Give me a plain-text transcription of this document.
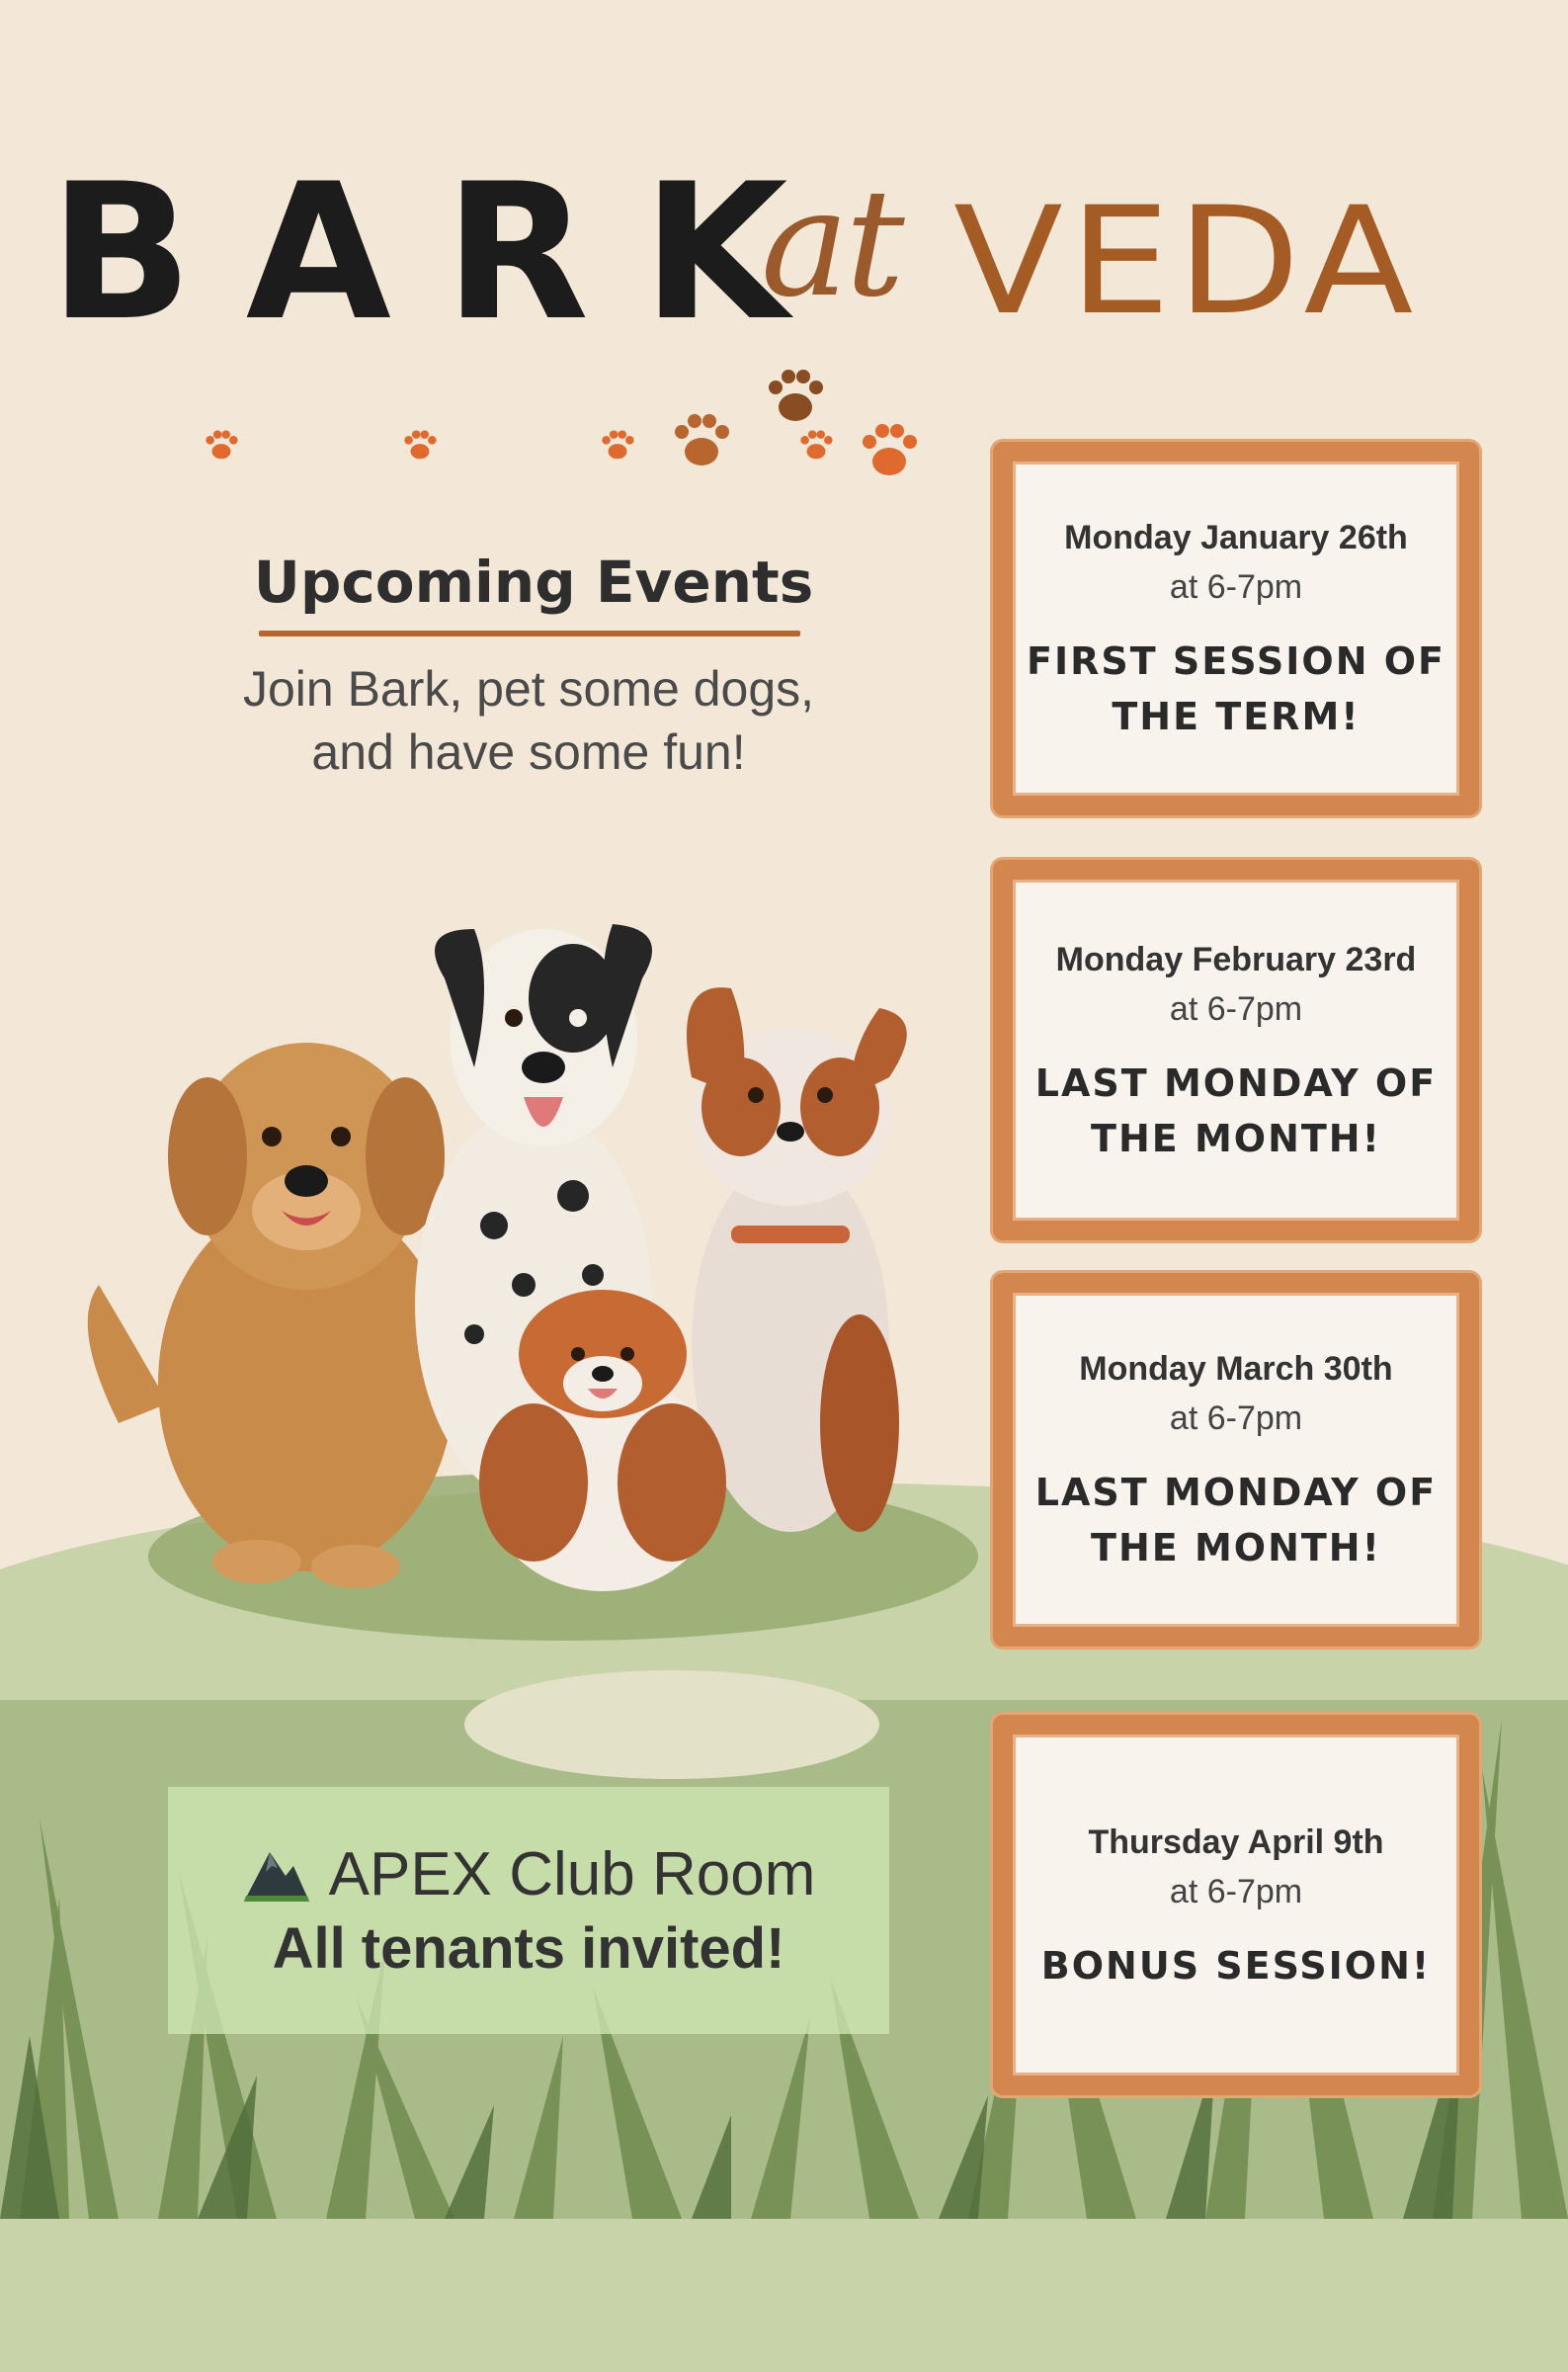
B A R K
at VEDA
Upcoming Events
Join Bark, pet some dogs,
and have some fun!
Monday January 26th
at 6-7pm
FIRST SESSION OF
THE TERM!
Monday February 23rd
at 6-7pm
LAST MONDAY OF
THE MONTH!
Monday March 30th
at 6-7pm
LAST MONDAY OF
THE MONTH!
Thursday April 9th
at 6-7pm
BONUS SESSION!
APEX Club Room
All tenants invited!
